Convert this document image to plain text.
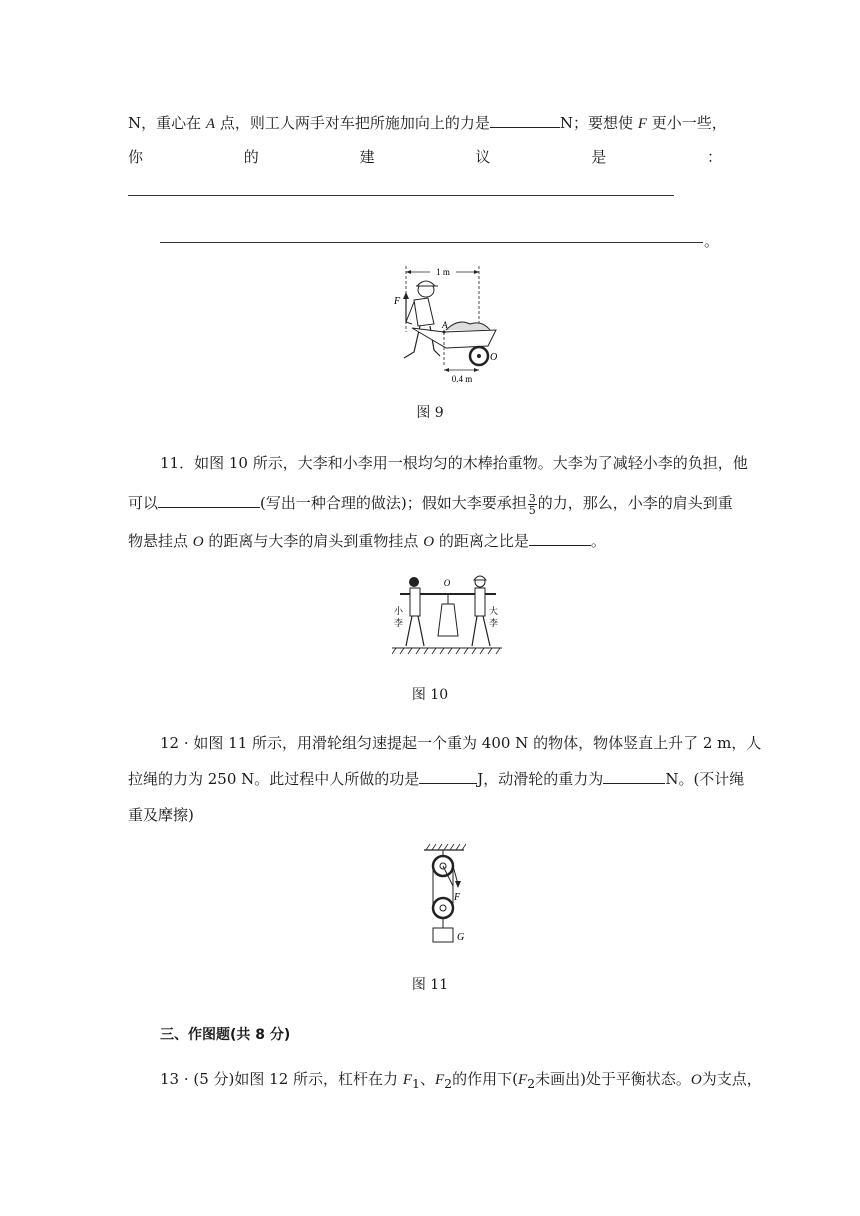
N，重心在 A 点，则工人两手对车把所施加向上的力是	N；要想使 F 更小一些，
你	的	建	议	是	：
。
1 m
F
A
O
0.4 m
图 9
11．如图 10 所示，大李和小李用一根均匀的木棒抬重物。大李为了减轻小李的负担，他
可以	(写出一种合理的做法)；假如大李要承担 $\frac{3}{5}$ 的力，那么，小李的肩头到重
物悬挂点 O 的距离与大李的肩头到重物挂点 O 的距离之比是	。
O
小
李
大
李
图 10
12 · 如图 11 所示，用滑轮组匀速提起一个重为 400 N 的物体，物体竖直上升了 2 m，人
拉绳的力为 250 N。此过程中人所做的功是	J，动滑轮的重力为	N。(不计绳
重及摩擦)
F
G
图 11
三、作图题(共 8 分)
13 · (5 分)如图 12 所示，杠杆在力 $F_1$、$F_2$的作用下($F_2$未画出)处于平衡状态。O为支点，
